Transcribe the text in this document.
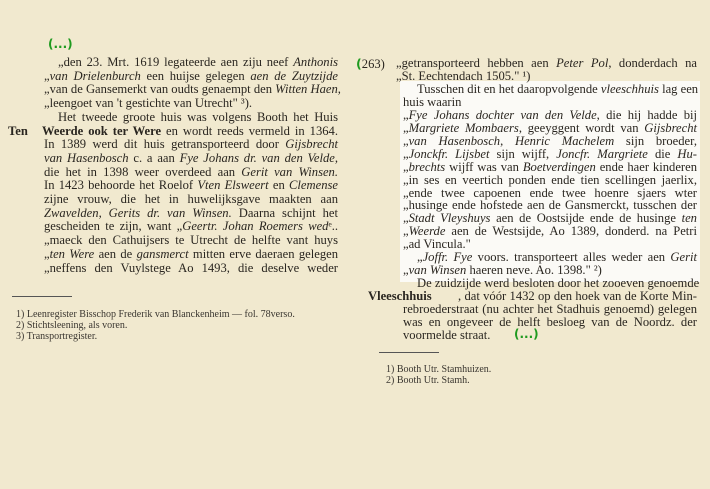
(...)
Ten
„den 23. Mrt. 1619 legateerde aen ziju neef Anthonis
„van Drielenburch een huijse gelegen aen de Zuytzijde
„van de Gansemerkt van oudts genaempt den Witten Haen,
„leengoet van 't gestichte van Utrecht" ³).
Het tweede groote huis was volgens Booth het Huis
Weerde ook ter Were en wordt reeds vermeld in 1364.
In 1389 werd dit huis getransporteerd door Gijsbrecht
van Hasenbosch c. a aan Fye Johans dr. van den Velde,
die het in 1398 weer overdeed aan Gerit van Winsen.
In 1423 behoorde het Roelof Vten Elsweert en Clemense
zijne vrouw, die het in huwelijksgave maakten aan
Zwavelden, Gerits dr. van Winsen. Daarna schijnt het
gescheiden te zijn, want „Geertr. Johan Roemers wedᵉ..
„maeck den Cathuijsers te Utrecht de helfte vant huys
„ten Were aen de gansmerct mitten erve daeraen gelegen
„neffens den Vuylstege Ao 1493, die deselve weder
1) Leenregister Bisschop Frederik van Blanckenheim — fol. 78verso.
2) Stichtsleening, als voren.
3) Transportregister.
(263)
Vleeschhuis
„getransporteerd hebben aen Peter Pol, donderdach na
„St. Eechtendach 1505." ¹)
Tusschen dit en het daaropvolgende vleeschhuis lag een
huis waarin
„Fye Johans dochter van den Velde, die hij hadde bij
„Margriete Mombaers, geeyggent wordt van Gijsbrecht
„van Hasenbosch, Henric Machelem sijn broeder,
„Jonckfr. Lijsbet sijn wijff, Joncfr. Margriete die Hu-
„brechts wijff was van Boetverdingen ende haer kinderen
„in ses en veertich ponden ende tien scellingen jaerlix,
„ende twee capoenen ende twee hoenre sjaers wter
„husinge ende hofstede aen de Gansmerckt, tusschen der
„Stadt Vleyshuys aen de Oostsijde ende de husinge ten
„Weerde aen de Westsijde, Ao 1389, donderd. na Petri
„ad Vincula."
„Joffr. Fye voors. transporteert alles weder aen Gerit
„van Winsen haeren neve. Ao. 1398." ²)
De zuidzijde werd besloten door het zooeven genoemde
, dat vóór 1432 op den hoek van de Korte Min-
rebroederstraat (nu achter het Stadhuis genoemd) gelegen
was en ongeveer de helft besloeg van de Noordz. der
voormelde straat. (...)
1) Booth Utr. Stamhuizen.
2) Booth Utr. Stamh.
